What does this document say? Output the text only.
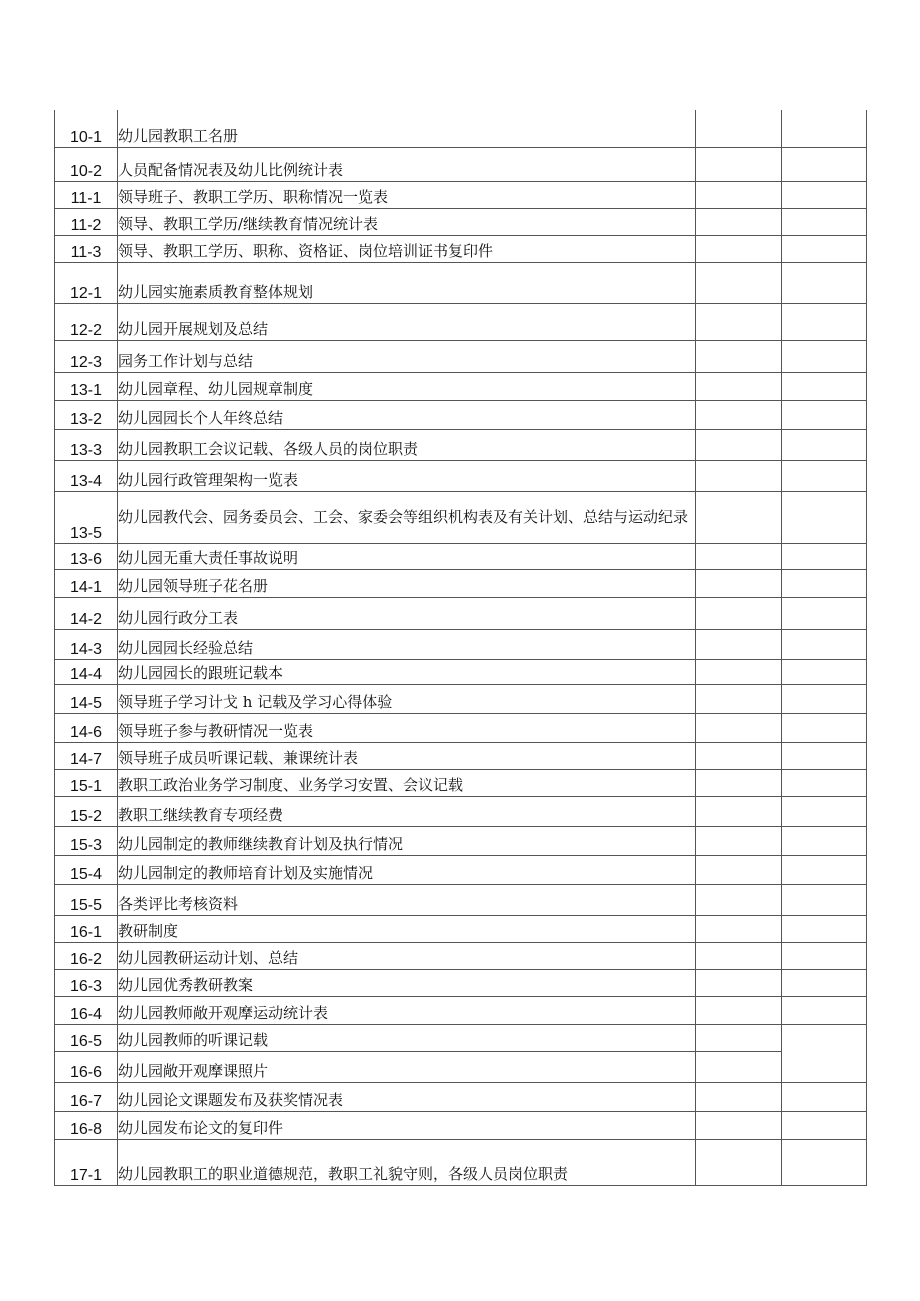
10-1	幼儿园教职工名册		
10-2	人员配备情况表及幼儿比例统计表		
11-1	领导班子、教职工学历、职称情况一览表		
11-2	领导、教职工学历/继续教育情况统计表		
11-3	领导、教职工学历、职称、资格证、岗位培训证书复印件		
12-1	幼儿园实施素质教育整体规划		
12-2	幼儿园开展规划及总结		
12-3	园务工作计划与总结		
13-1	幼儿园章程、幼儿园规章制度		
13-2	幼儿园园长个人年终总结		
13-3	幼儿园教职工会议记载、各级人员的岗位职责		
13-4	幼儿园行政管理架构一览表		
13-5	幼儿园教代会、园务委员会、工会、家委会等组织机构表及有关计划、总结与运动纪录		
13-6	幼儿园无重大责任事故说明		
14-1	幼儿园领导班子花名册		
14-2	幼儿园行政分工表		
14-3	幼儿园园长经验总结		
14-4	幼儿园园长的跟班记载本		
14-5	领导班子学习计戈 h 记载及学习心得体验		
14-6	领导班子参与教研情况一览表		
14-7	领导班子成员听课记载、兼课统计表		
15-1	教职工政治业务学习制度、业务学习安置、会议记载		
15-2	教职工继续教育专项经费		
15-3	幼儿园制定的教师继续教育计划及执行情况		
15-4	幼儿园制定的教师培育计划及实施情况		
15-5	各类评比考核资料		
16-1	教研制度		
16-2	幼儿园教研运动计划、总结		
16-3	幼儿园优秀教研教案		
16-4	幼儿园教师敞开观摩运动统计表		
16-5	幼儿园教师的听课记载		
16-6	幼儿园敞开观摩课照片		
16-7	幼儿园论文课题发布及获奖情况表		
16-8	幼儿园发布论文的复印件		
17-1	幼儿园教职工的职业道德规范，教职工礼貌守则，各级人员岗位职责		
